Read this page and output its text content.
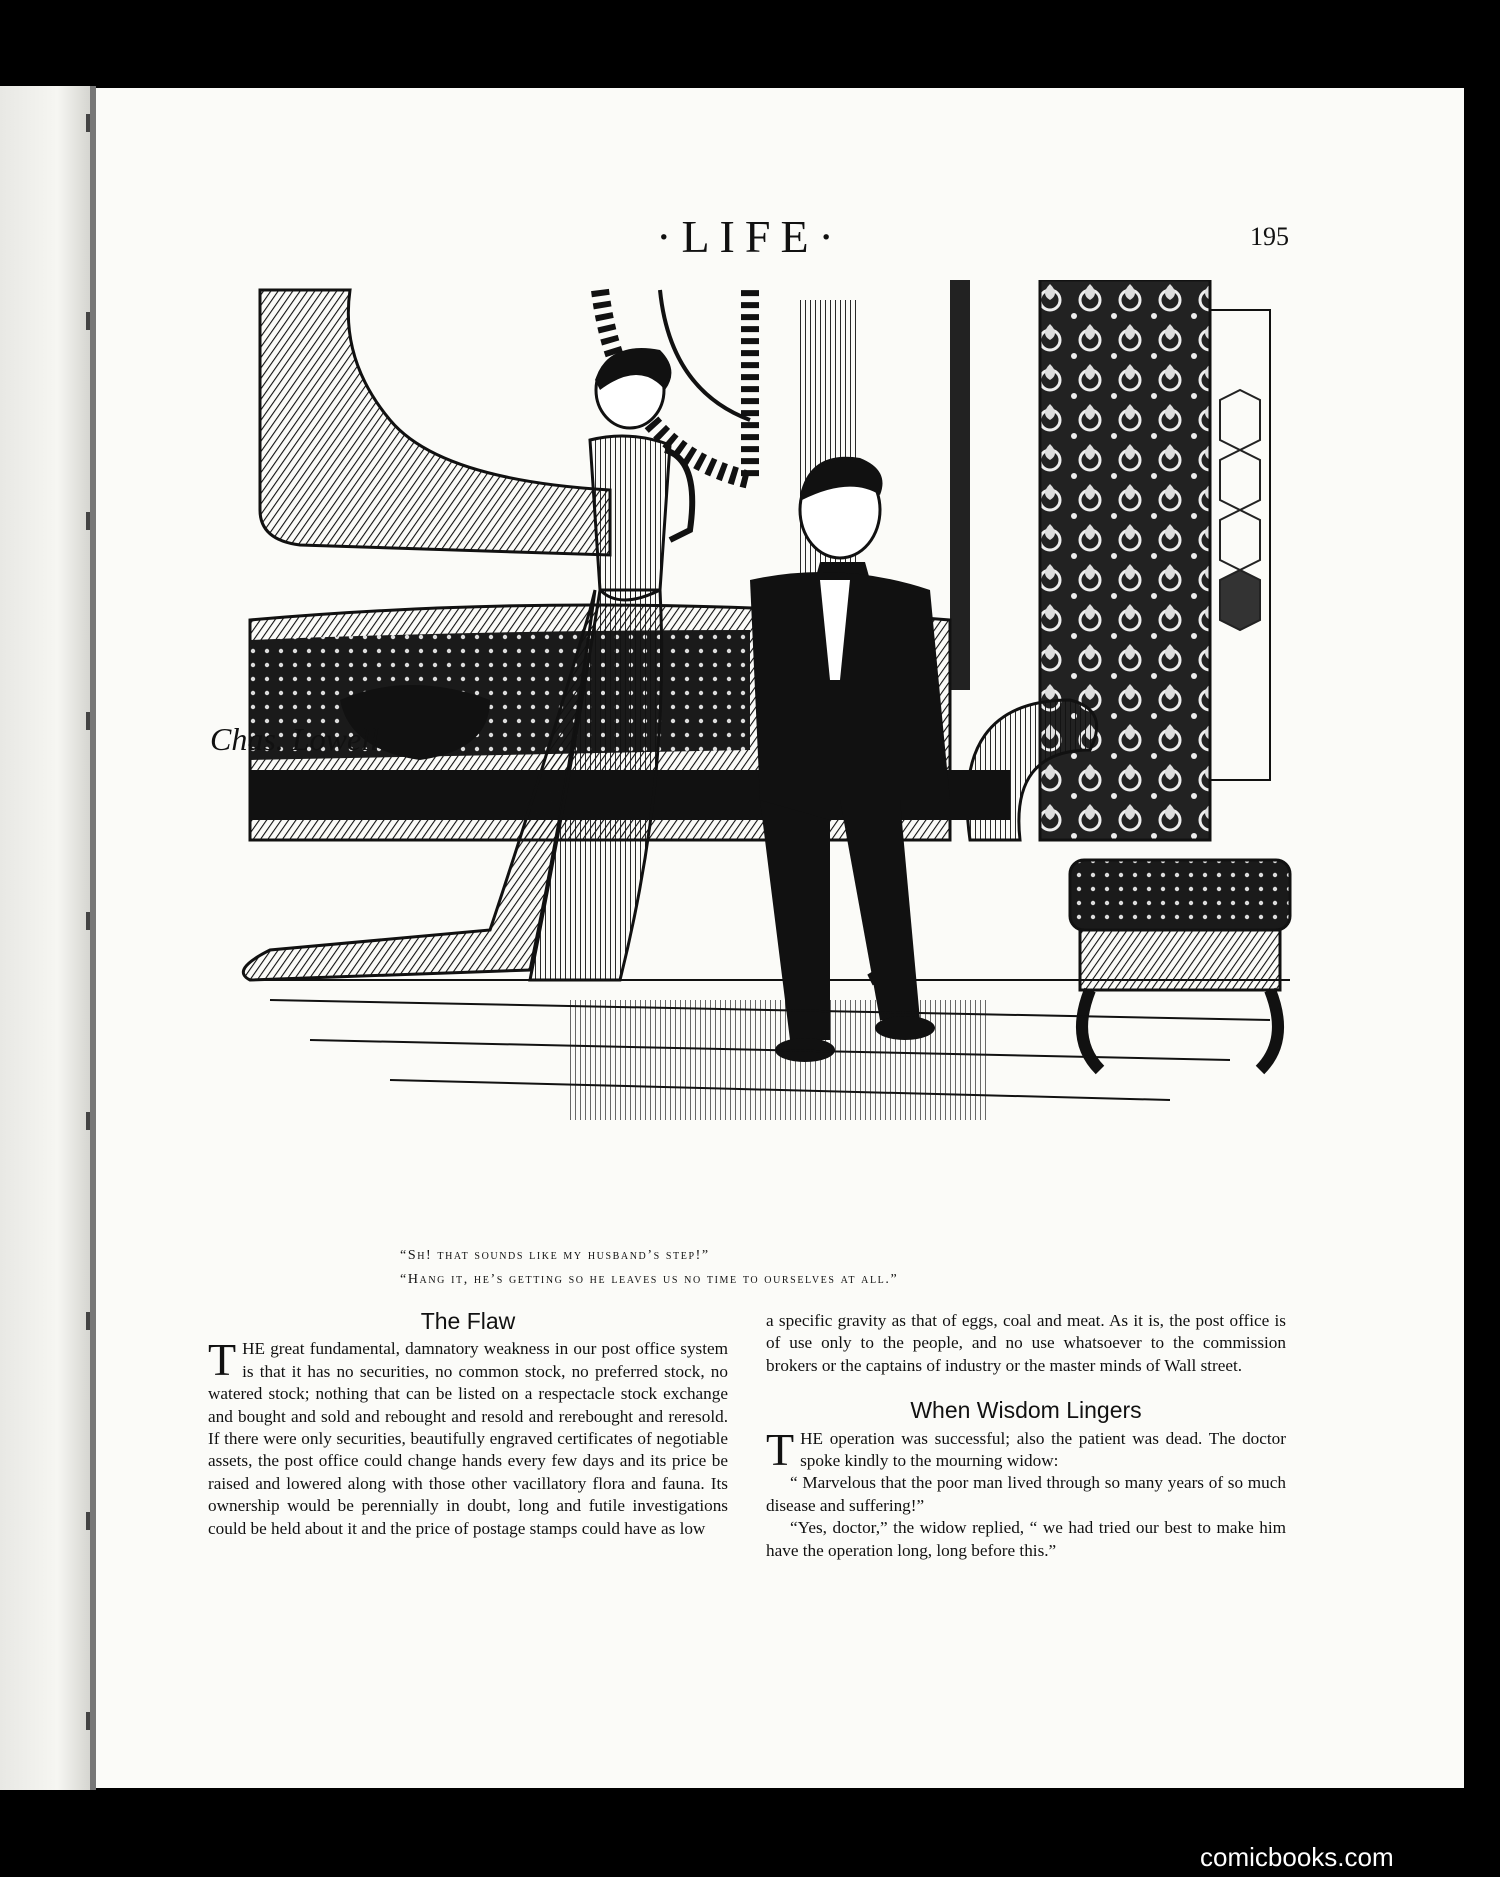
·LIFE·	195
Chas. Lowell
“Sh! that sounds like my husband’s step!”
“Hang it, he’s getting so he leaves us no time to ourselves at all.”
The Flaw

THE great fundamental, damnatory weakness in our post office system is that it has no securities, no common stock, no preferred stock, no watered stock; nothing that can be listed on a respectacle stock exchange and bought and sold and rebought and resold and rerebought and reresold. If there were only securities, beautifully engraved certificates of negotiable assets, the post office could change hands every few days and its price be raised and lowered along with those other vacillatory flora and fauna. Its ownership would be perennially in doubt, long and futile investigations could be held about it and the price of postage stamps could have as low

a specific gravity as that of eggs, coal and meat. As it is, the post office is of use only to the people, and no use whatsoever to the commission brokers or the captains of industry or the master minds of Wall street.

When Wisdom Lingers

THE operation was successful; also the patient was dead. The doctor spoke kindly to the mourning widow:

“ Marvelous that the poor man lived through so many years of so much disease and suffering!”

“Yes, doctor,” the widow replied, “ we had tried our best to make him have the operation long, long before this.”

comicbooks.com
